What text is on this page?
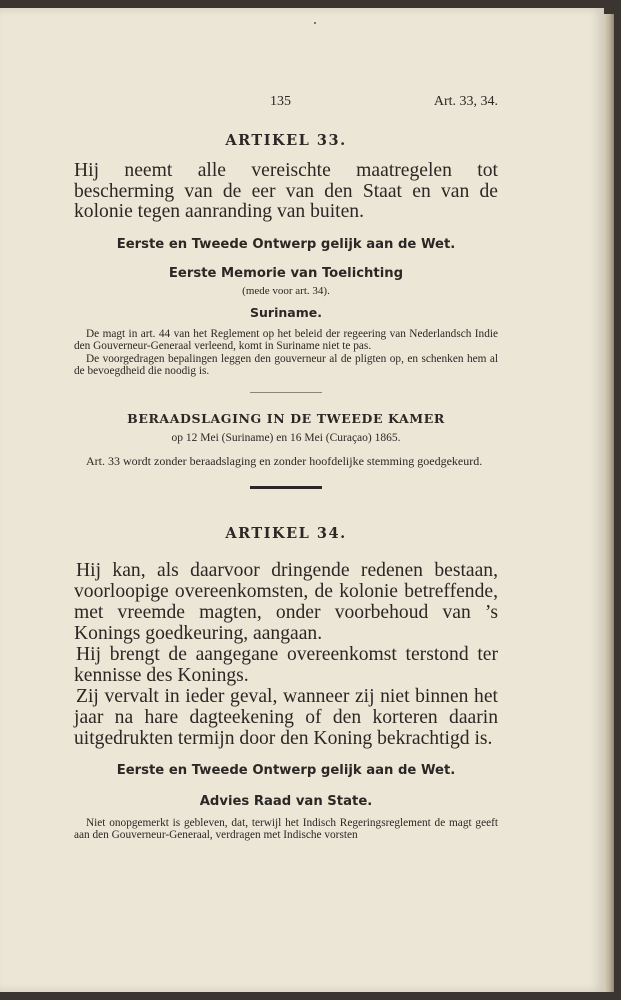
135	Art. 33, 34.
ARTIKEL 33.

Hij neemt alle vereischte maatregelen tot bescherming van de eer van den Staat en van de kolonie tegen aanranding van buiten.

Eerste en Tweede Ontwerp gelijk aan de Wet.
Eerste Memorie van Toelichting
(mede voor art. 34).
Suriname.

De magt in art. 44 van het Reglement op het beleid der regeering van Nederlandsch Indie den Gouverneur-Generaal verleend, komt in Suriname niet te pas.

De voorgedragen bepalingen leggen den gouverneur al de pligten op, en schenken hem al de bevoegdheid die noodig is.

BERAADSLAGING IN DE TWEEDE KAMER
op 12 Mei (Suriname) en 16 Mei (Curaçao) 1865.

Art. 33 wordt zonder beraadslaging en zonder hoofdelijke stemming goedgekeurd.

ARTIKEL 34.

Hij kan, als daarvoor dringende redenen bestaan, voorloopige overeenkomsten, de kolonie betreffende, met vreemde magten, onder voorbehoud van ’s Konings goedkeuring, aangaan.

Hij brengt de aangegane overeenkomst terstond ter kennisse des Konings.

Zij vervalt in ieder geval, wanneer zij niet binnen het jaar na hare dagteekening of den korteren daarin uitgedrukten termijn door den Koning bekrachtigd is.

Eerste en Tweede Ontwerp gelijk aan de Wet.
Advies Raad van State.

Niet onopgemerkt is gebleven, dat, terwijl het Indisch Regeringsreglement de magt geeft aan den Gouverneur-Generaal, verdragen met Indische vorsten
